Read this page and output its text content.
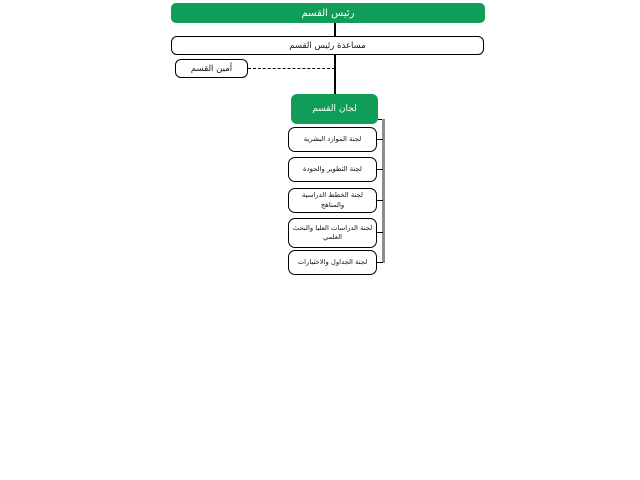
رئيس القسم
مساعدة رئيس القسم
أمين القسم
لجان القسم
لجنة الموارد البشرية
لجنة التطوير والجودة
لجنة الخطط الدراسية والمناهج
لجنة الدراسات العليا والبحث العلمي
لجنة الجداول والاختبارات
